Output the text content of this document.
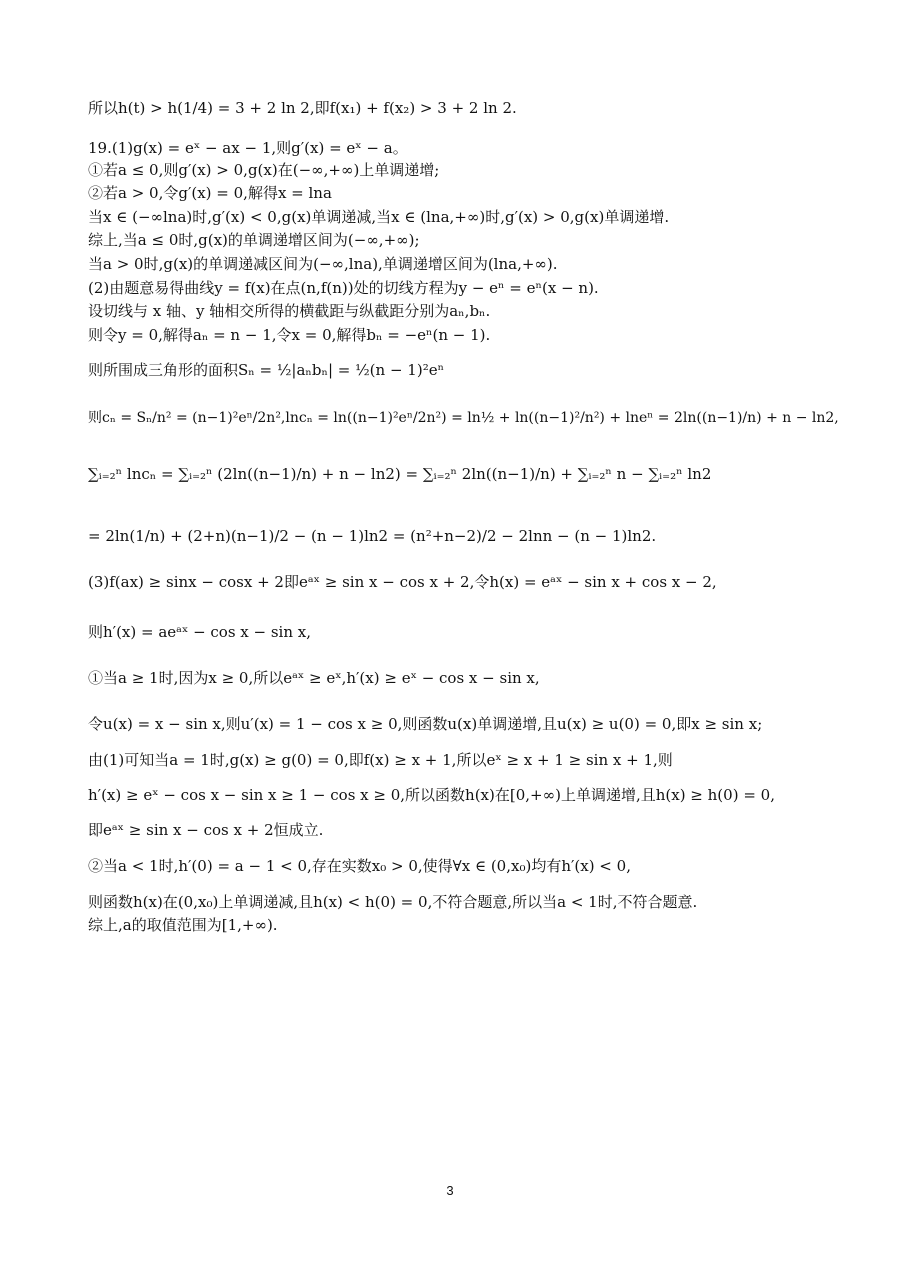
所以h(t) > h(1/4) = 3 + 2 ln 2,即f(x₁) + f(x₂) > 3 + 2 ln 2.
19.(1)g(x) = eˣ − ax − 1,则g′(x) = eˣ − a。
①若a ≤ 0,则g′(x) > 0,g(x)在(−∞,+∞)上单调递增;
②若a > 0,令g′(x) = 0,解得x = lna
当x ∈ (−∞lna)时,g′(x) < 0,g(x)单调递减,当x ∈ (lna,+∞)时,g′(x) > 0,g(x)单调递增.
综上,当a ≤ 0时,g(x)的单调递增区间为(−∞,+∞);
当a > 0时,g(x)的单调递减区间为(−∞,lna),单调递增区间为(lna,+∞).
(2)由题意易得曲线y = f(x)在点(n,f(n))处的切线方程为y − eⁿ = eⁿ(x − n).
设切线与 x 轴、y 轴相交所得的横截距与纵截距分别为aₙ,bₙ.
则令y = 0,解得aₙ = n − 1,令x = 0,解得bₙ = −eⁿ(n − 1).
则所围成三角形的面积Sₙ = ½|aₙbₙ| = ½(n − 1)²eⁿ
则cₙ = Sₙ/n² = (n−1)²eⁿ/2n²,lncₙ = ln((n−1)²eⁿ/2n²) = ln½ + ln((n−1)²/n²) + lneⁿ = 2ln((n−1)/n) + n − ln2,
∑ᵢ₌₂ⁿ lncₙ = ∑ᵢ₌₂ⁿ (2ln((n−1)/n) + n − ln2) = ∑ᵢ₌₂ⁿ 2ln((n−1)/n) + ∑ᵢ₌₂ⁿ n − ∑ᵢ₌₂ⁿ ln2
= 2ln(1/n) + (2+n)(n−1)/2 − (n − 1)ln2 = (n²+n−2)/2 − 2lnn − (n − 1)ln2.
(3)f(ax) ≥ sinx − cosx + 2即eᵃˣ ≥ sin x − cos x + 2,令h(x) = eᵃˣ − sin x + cos x − 2,
则h′(x) = aeᵃˣ − cos x − sin x,
①当a ≥ 1时,因为x ≥ 0,所以eᵃˣ ≥ eˣ,h′(x) ≥ eˣ − cos x − sin x,
令u(x) = x − sin x,则u′(x) = 1 − cos x ≥ 0,则函数u(x)单调递增,且u(x) ≥ u(0) = 0,即x ≥ sin x;
由(1)可知当a = 1时,g(x) ≥ g(0) = 0,即f(x) ≥ x + 1,所以eˣ ≥ x + 1 ≥ sin x + 1,则
h′(x) ≥ eˣ − cos x − sin x ≥ 1 − cos x ≥ 0,所以函数h(x)在[0,+∞)上单调递增,且h(x) ≥ h(0) = 0,
即eᵃˣ ≥ sin x − cos x + 2恒成立.
②当a < 1时,h′(0) = a − 1 < 0,存在实数x₀ > 0,使得∀x ∈ (0,x₀)均有h′(x) < 0,
则函数h(x)在(0,x₀)上单调递减,且h(x) < h(0) = 0,不符合题意,所以当a < 1时,不符合题意.
综上,a的取值范围为[1,+∞).
3
